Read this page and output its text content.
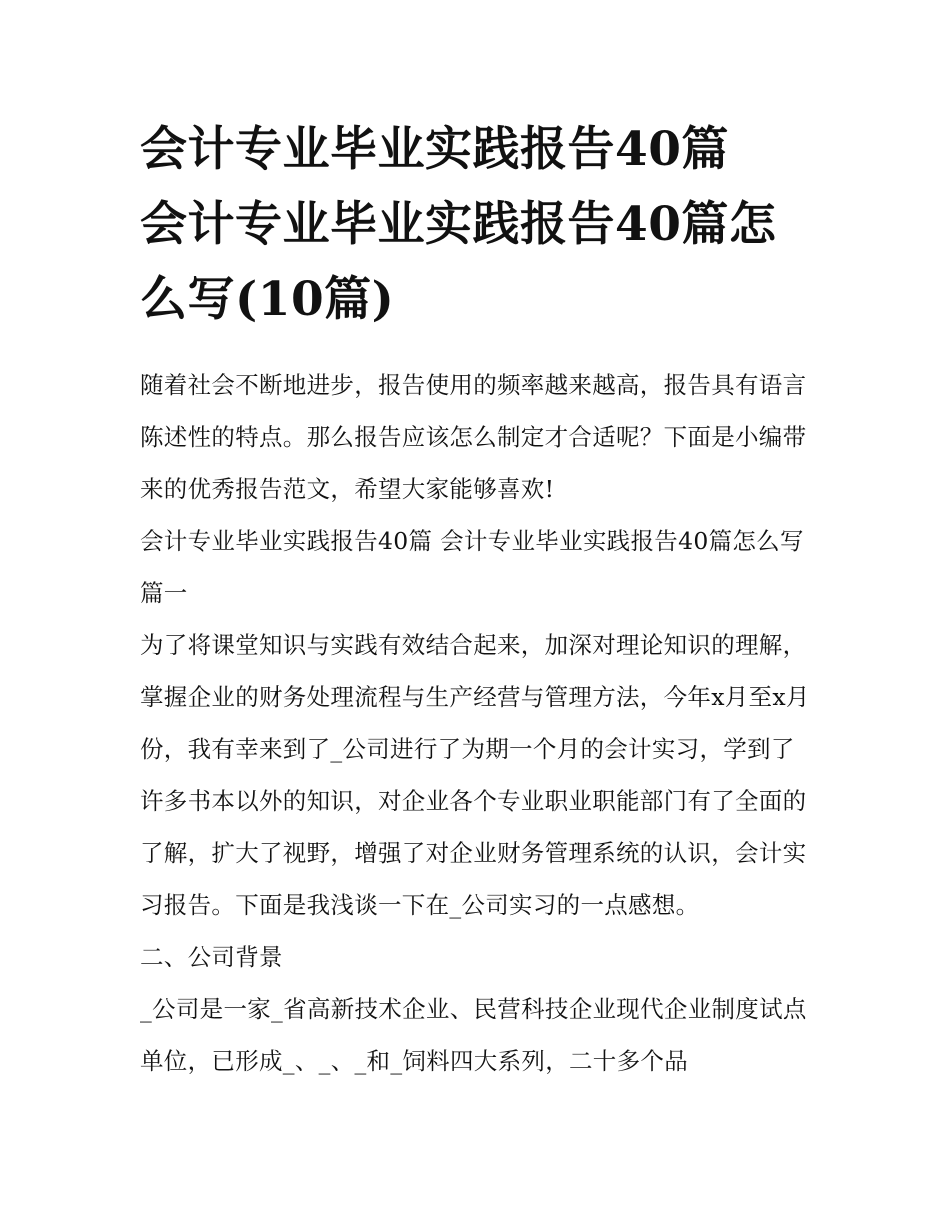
会计专业毕业实践报告40篇
会计专业毕业实践报告40篇怎
么写(10篇)

随着社会不断地进步，报告使用的频率越来越高，报告具有语言陈述性的特点。那么报告应该怎么制定才合适呢？下面是小编带来的优秀报告范文，希望大家能够喜欢!

会计专业毕业实践报告40篇 会计专业毕业实践报告40篇怎么写篇一

为了将课堂知识与实践有效结合起来，加深对理论知识的理解，掌握企业的财务处理流程与生产经营与管理方法，今年x月至x月份，我有幸来到了_公司进行了为期一个月的会计实习，学到了许多书本以外的知识，对企业各个专业职业职能部门有了全面的了解，扩大了视野，增强了对企业财务管理系统的认识，会计实习报告。下面是我浅谈一下在_公司实习的一点感想。

二、公司背景

_公司是一家_省高新技术企业、民营科技企业现代企业制度试点单位，已形成_、_、_和_饲料四大系列，二十多个品
